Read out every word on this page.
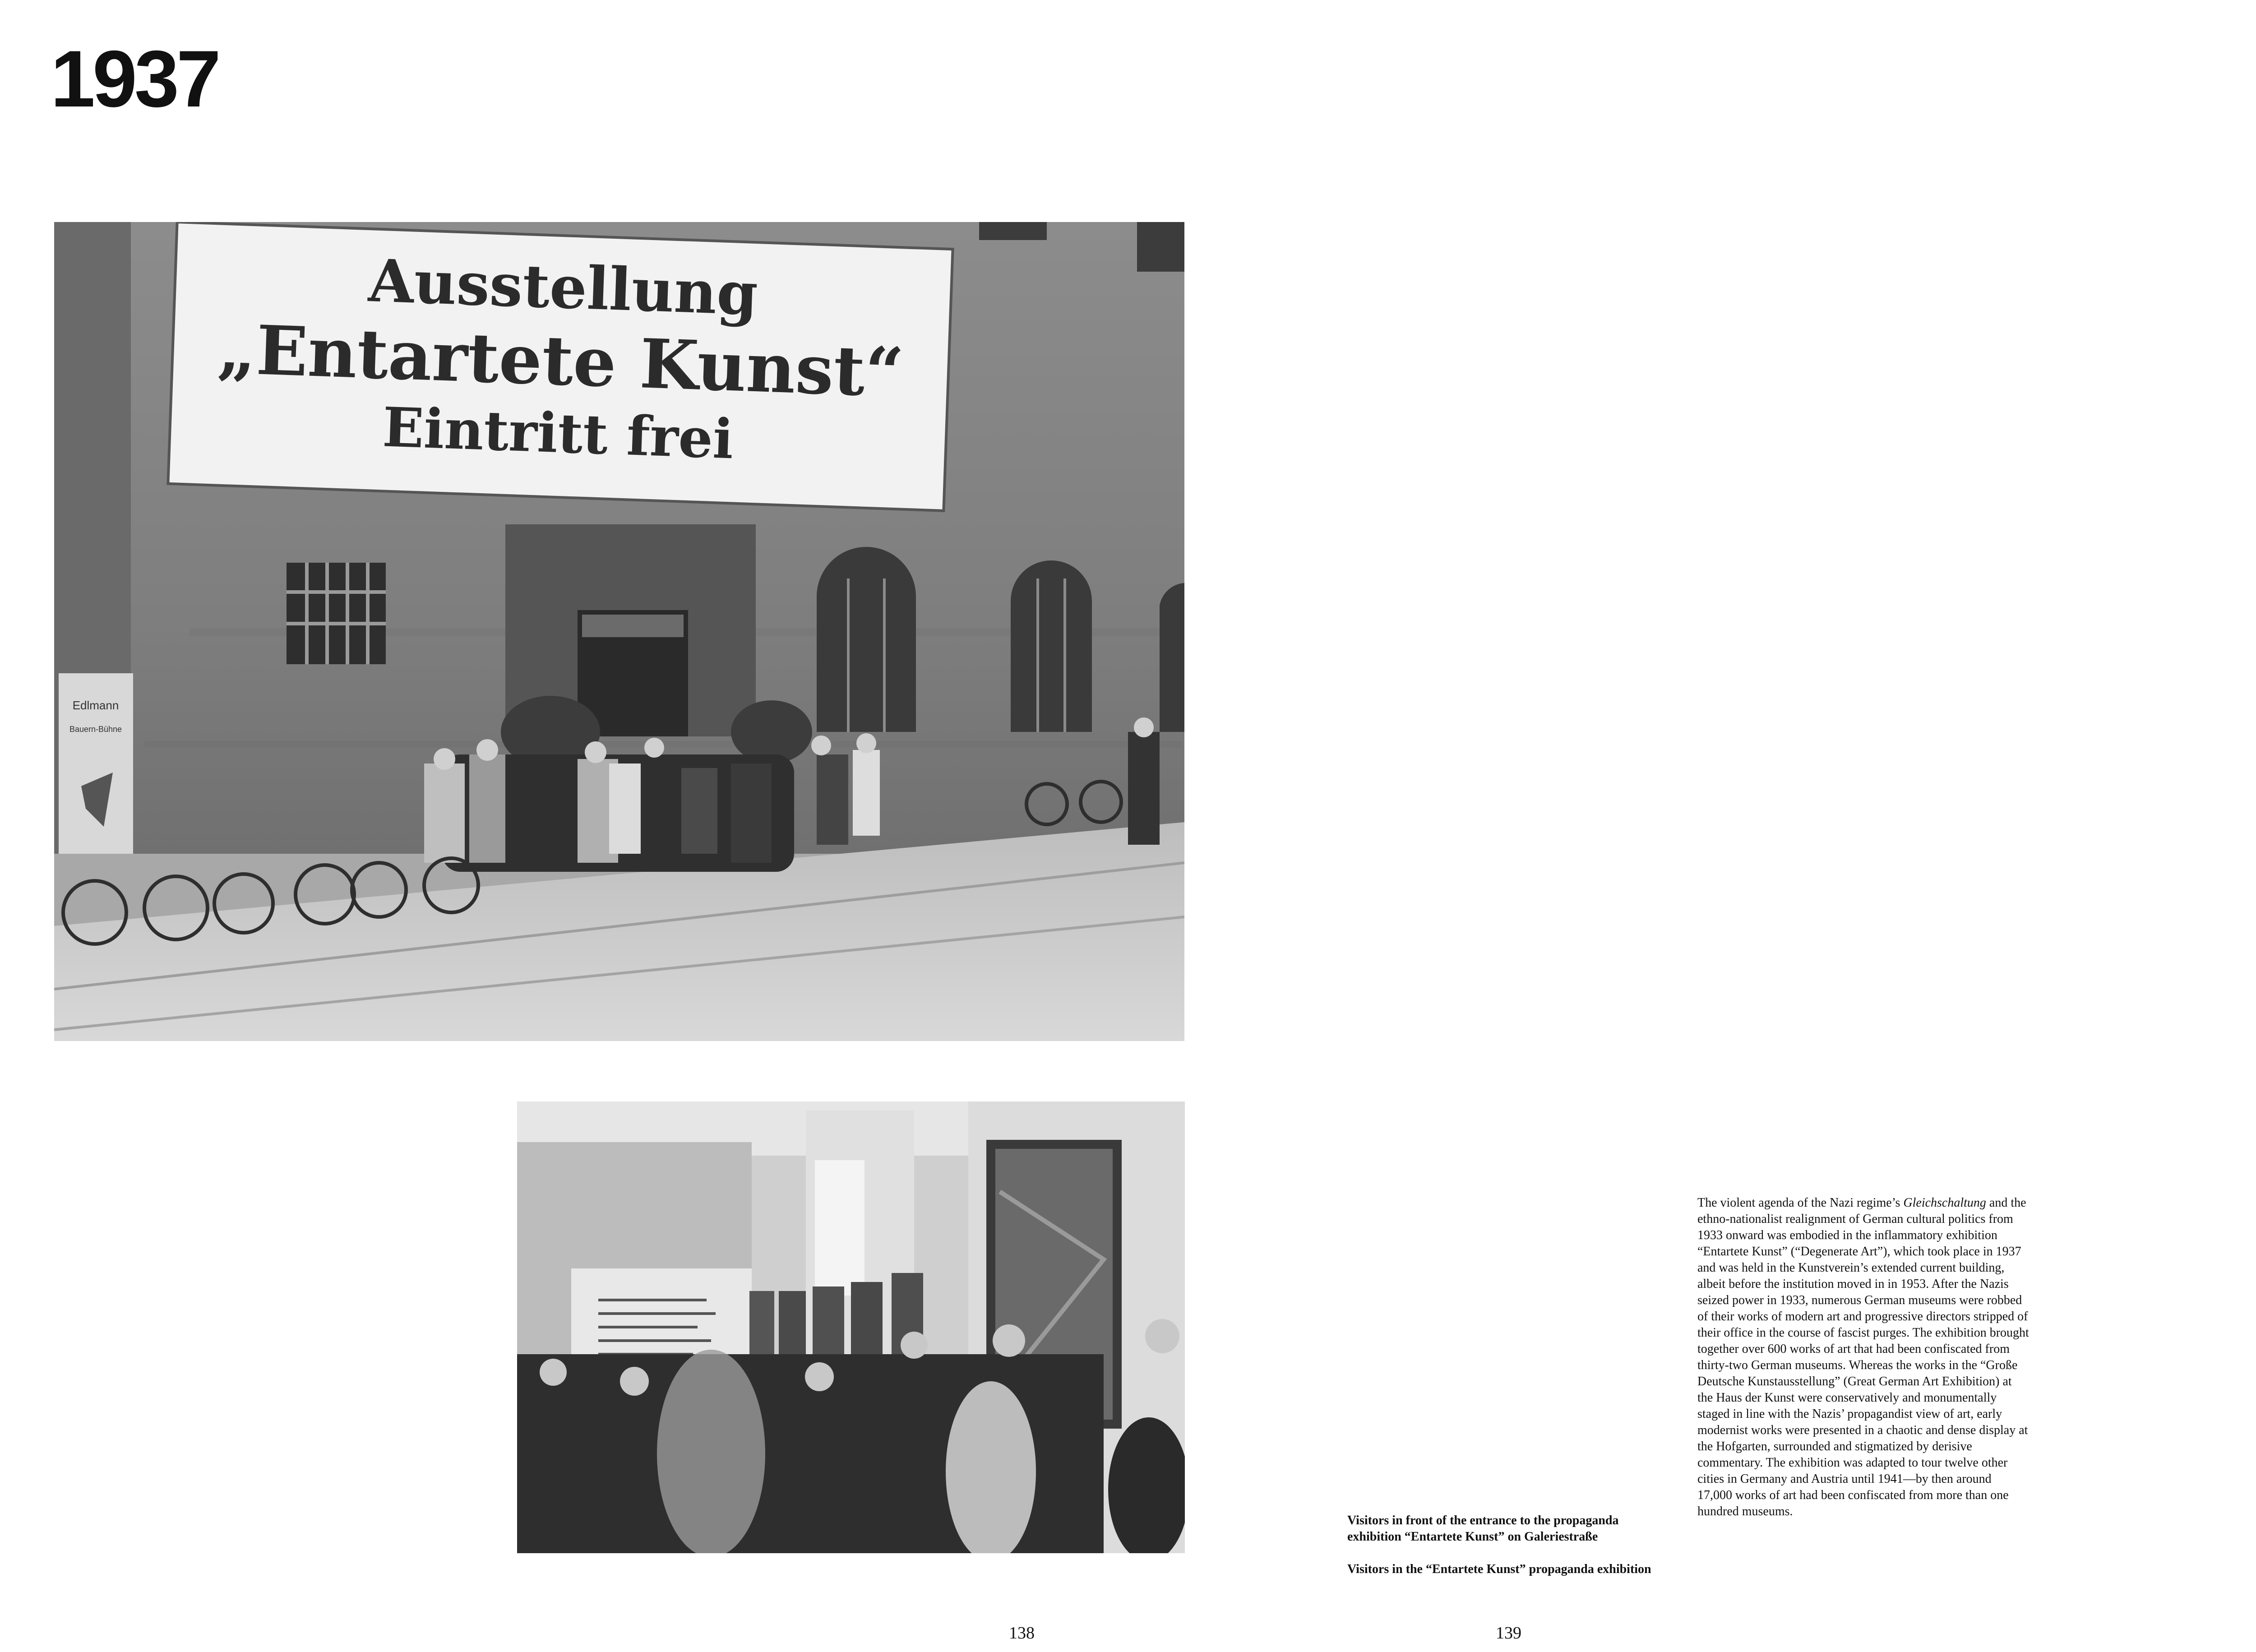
1937
Ausstellung
„Entartete Kunst“
Eintritt frei
Edlmann
Bauern-Bühne
138

Visitors in front of the entrance to the propaganda exhibition “Entartete Kunst” on Galeriestraße

Visitors in the “Entartete Kunst” propaganda exhibition

The violent agenda of the Nazi regime’s Gleichschaltung and the ethno-nationalist realignment of German cultural politics from 1933 onward was embodied in the inflammatory exhibition “Entartete Kunst” (“Degenerate Art”), which took place in 1937 and was held in the Kunstverein’s extended current building, albeit before the institution moved in in 1953. After the Nazis seized power in 1933, numerous German museums were robbed of their works of modern art and progressive directors stripped of their office in the course of fascist purges. The exhibition brought together over 600 works of art that had been confiscated from thirty-two German museums. Whereas the works in the “Große Deutsche Kunstausstellung” (Great German Art Exhibition) at the Haus der Kunst were conservatively and monumentally staged in line with the Nazis’ propagandist view of art, early modernist works were presented in a chaotic and dense display at the Hofgarten, surrounded and stigmatized by derisive commentary. The exhibition was adapted to tour twelve other cities in Germany and Austria until 1941—by then around 17,000 works of art had been confiscated from more than one hundred museums.

139
